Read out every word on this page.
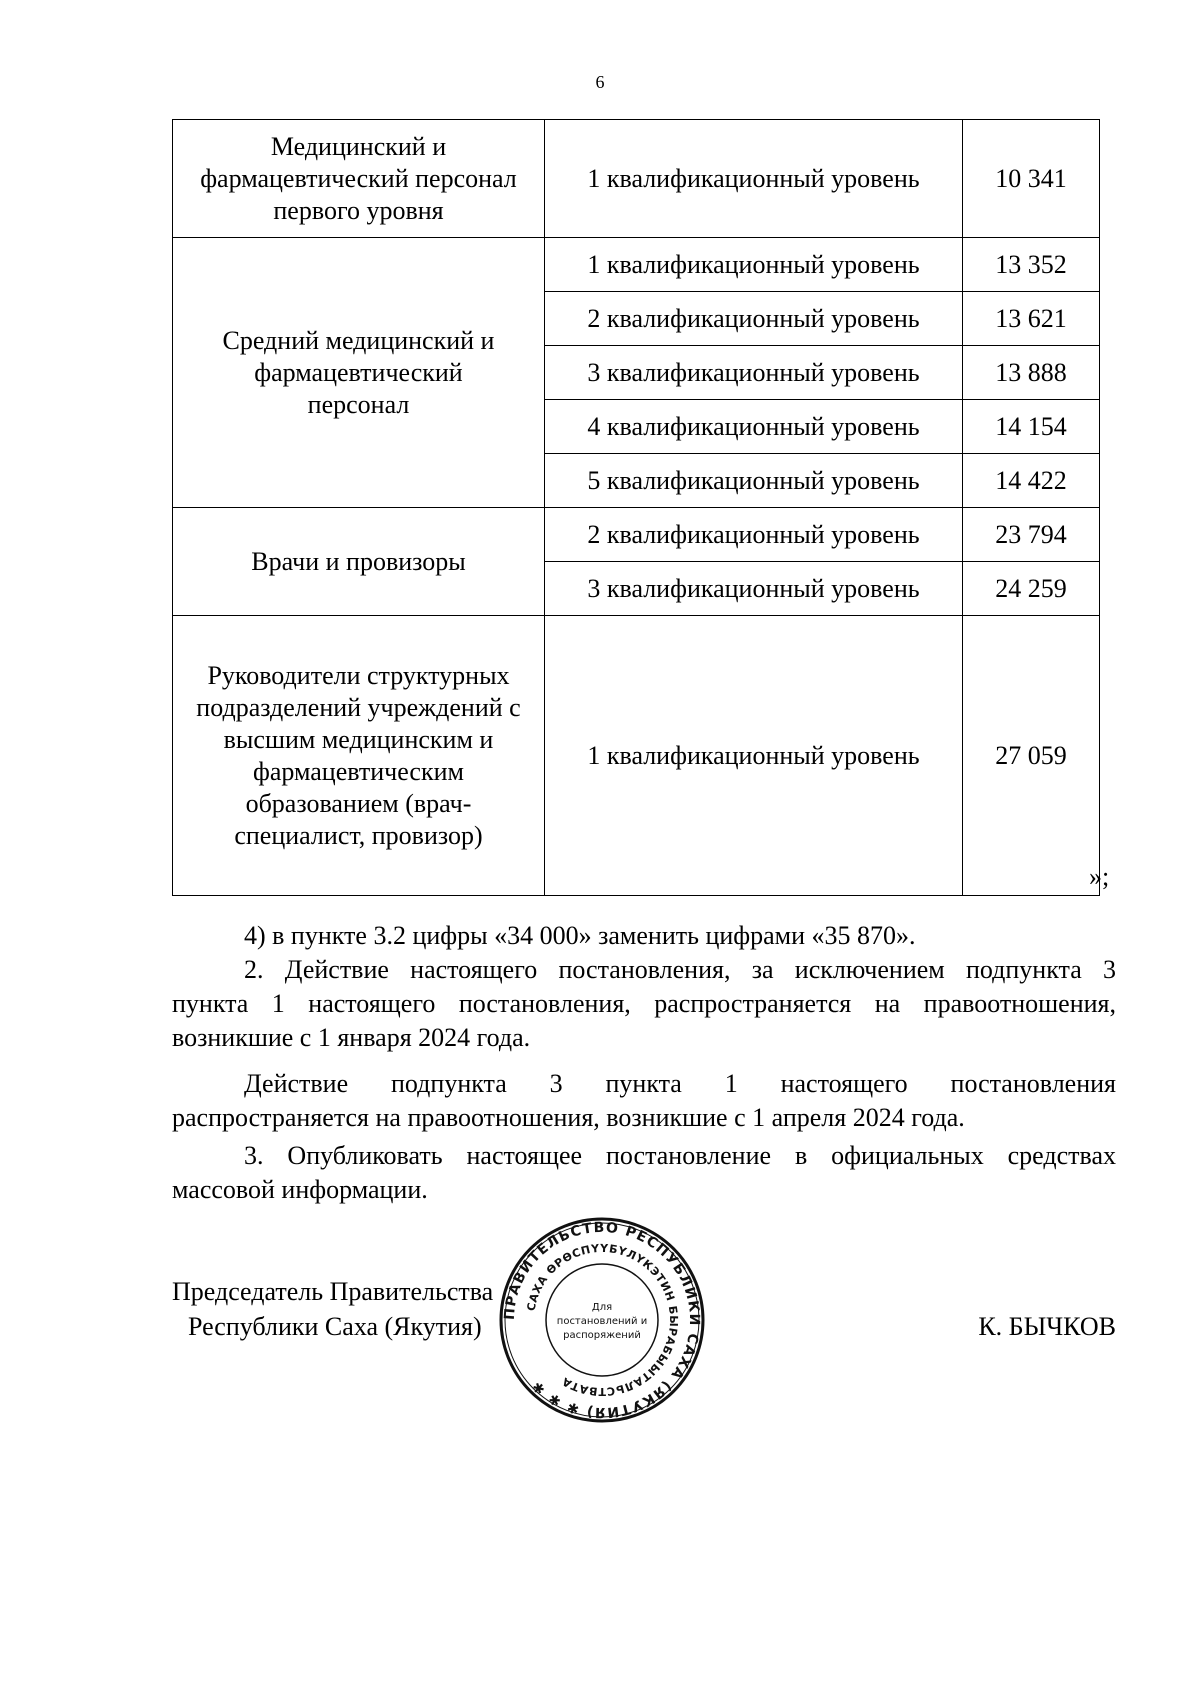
6
Медицинский и фармацевтический персонал первого уровня	1 квалификационный уровень	10 341
Средний медицинский и фармацевтический персонал	1 квалификационный уровень	13 352
	2 квалификационный уровень	13 621
	3 квалификационный уровень	13 888
	4 квалификационный уровень	14 154
	5 квалификационный уровень	14 422
Врачи и провизоры	2 квалификационный уровень	23 794
	3 квалификационный уровень	24 259
Руководители структурных подразделений учреждений с высшим медицинским и фармацевтическим образованием (врач-специалист, провизор)	1 квалификационный уровень	27 059
»;
4) в пункте 3.2 цифры «34 000» заменить цифрами «35 870».
2. Действие настоящего постановления, за исключением подпункта 3
пункта 1 настоящего постановления, распространяется на правоотношения, возникшие с 1 января 2024 года.
Действие подпункта 3 пункта 1 настоящего постановления
распространяется на правоотношения, возникшие с 1 апреля 2024 года.
3. Опубликовать настоящее постановление в официальных средствах
массовой информации.
Председатель Правительства
Республики Саха (Якутия)	К. БЫЧКОВ
ПРАВИТЕЛЬСТВО РЕСПУБЛИКИ САХА (ЯКУТИЯ) ✱ ✱ ✱
САХА ӨРӨСПҮҮБҮЛҮКЭТИН БЫРАБЫЫТАЛЬСТВАТА
Для
постановлений и
распоряжений
